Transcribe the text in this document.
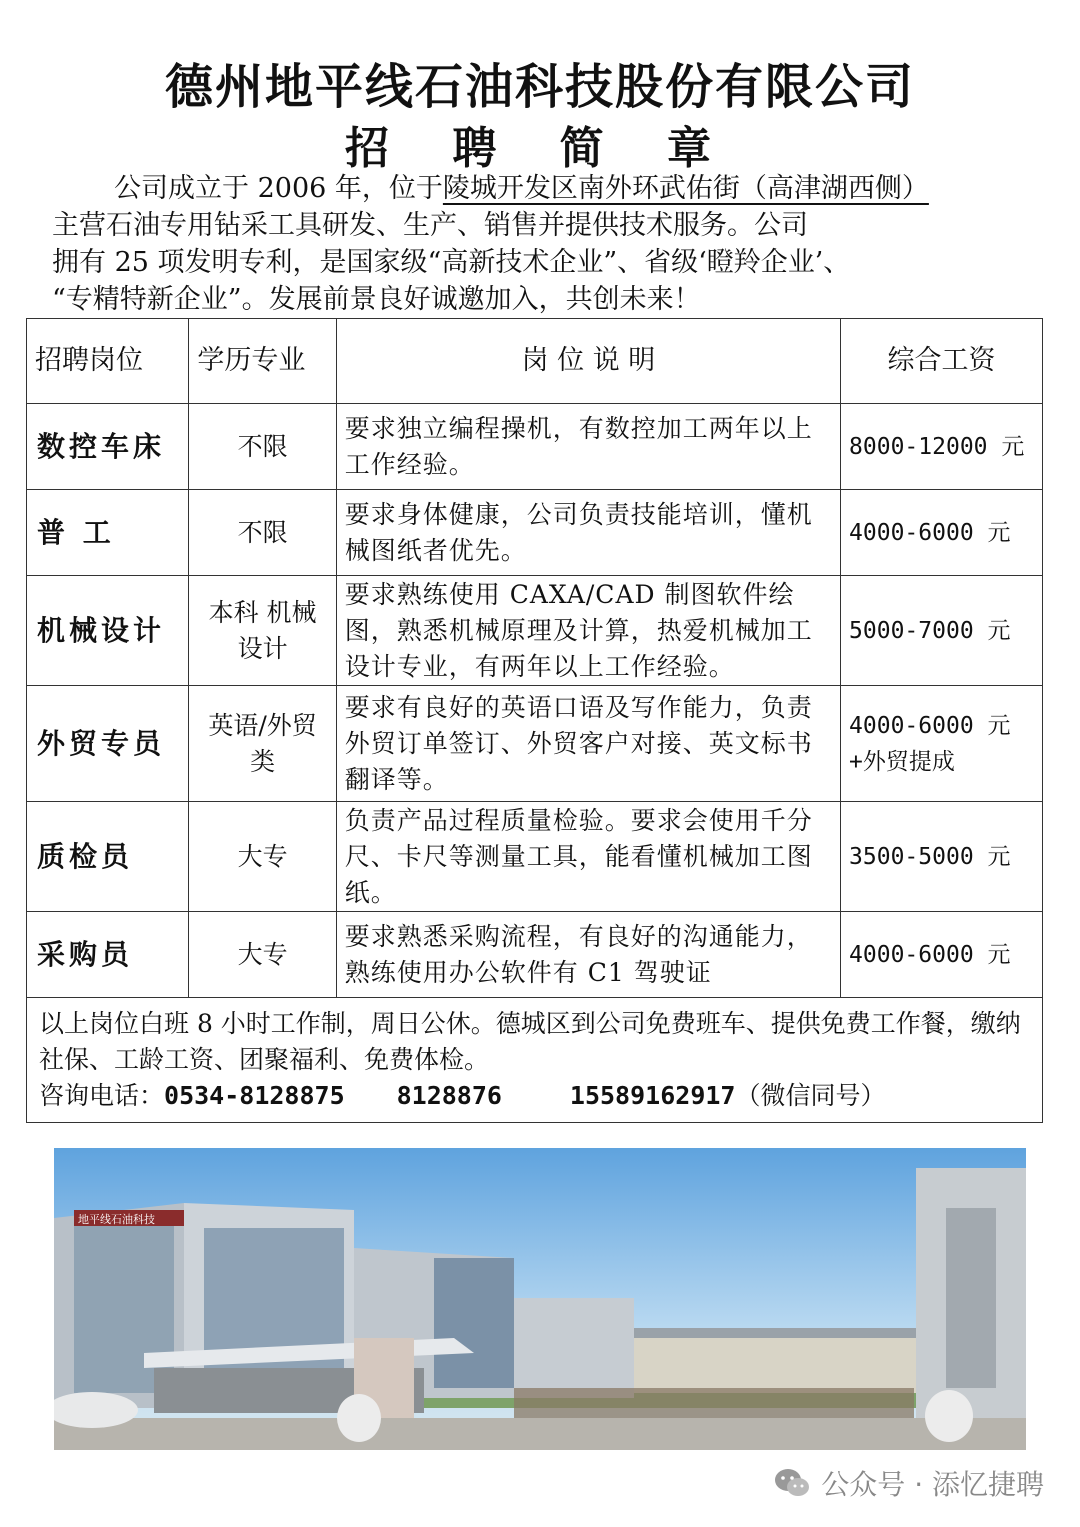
德州地平线石油科技股份有限公司
招 聘 简 章

公司成立于 2006 年，位于陵城开发区南外环武佑街（高津湖西侧）

主营石油专用钻采工具研发、生产、销售并提供技术服务。公司

拥有 25 项发明专利，是国家级“高新技术企业”、省级‘瞪羚企业’、

“专精特新企业”。发展前景良好诚邀加入，共创未来！

招聘岗位	学历专业	岗 位 说 明	综合工资
数控车床	不限	要求独立编程操机，有数控加工两年以上工作经验。	8000-12000 元
普 工	不限	要求身体健康，公司负责技能培训，懂机械图纸者优先。	4000-6000 元
机械设计	本科 机械设计	要求熟练使用 CAXA/CAD 制图软件绘图，熟悉机械原理及计算，热爱机械加工设计专业，有两年以上工作经验。	5000-7000 元
外贸专员	英语/外贸类	要求有良好的英语口语及写作能力，负责外贸订单签订、外贸客户对接、英文标书翻译等。	4000-6000 元+外贸提成
质检员	大专	负责产品过程质量检验。要求会使用千分尺、卡尺等测量工具，能看懂机械加工图纸。	3500-5000 元
采购员	大专	要求熟悉采购流程，有良好的沟通能力，熟练使用办公软件有 C1 驾驶证	4000-6000 元

以上岗位白班 8 小时工作制，周日公休。德城区到公司免费班车、提供免费工作餐，缴纳社保、工龄工资、团聚福利、免费体检。
咨询电话：0534-8128875 8128876 15589162917（微信同号）			
地平线石油科技
公众号 · 添忆捷聘
